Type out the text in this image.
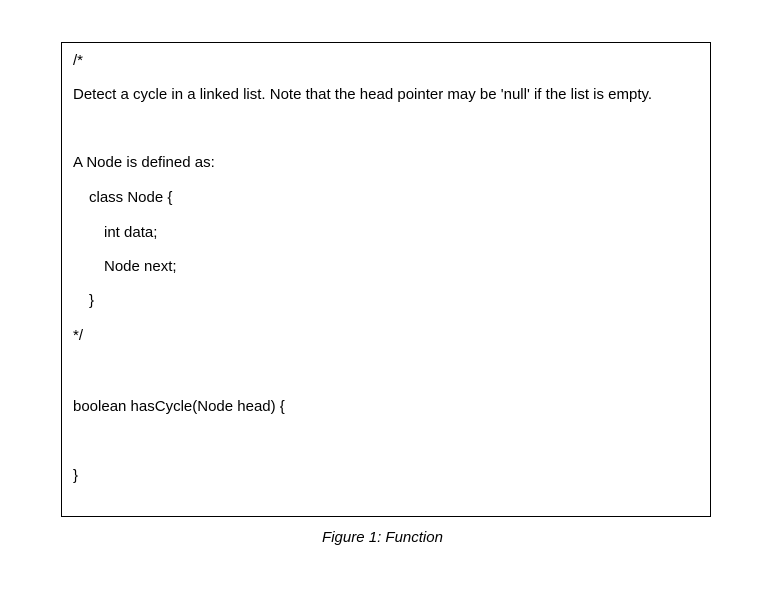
/*
Detect a cycle in a linked list. Note that the head pointer may be 'null' if the list is empty.
A Node is defined as:
class Node {
int data;
Node next;
}
*/
boolean hasCycle(Node head) {
}
Figure 1: Function
